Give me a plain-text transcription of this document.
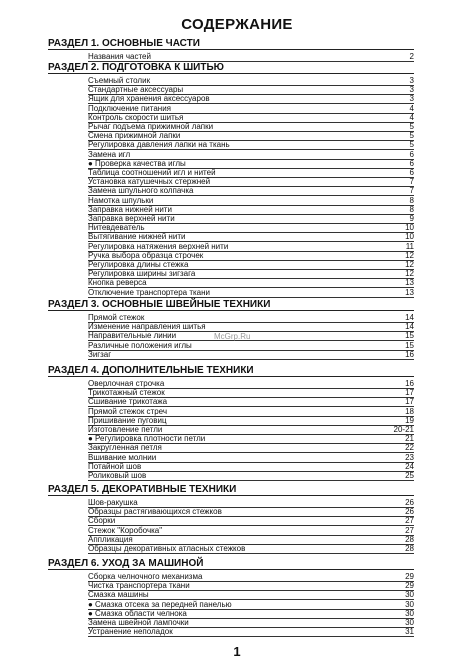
СОДЕРЖАНИЕ
РАЗДЕЛ 1. ОСНОВНЫЕ ЧАСТИ
Названия частей	2
РАЗДЕЛ 2. ПОДГОТОВКА К ШИТЬЮ
Съемный столик	3
Стандартные аксессуары	3
Ящик для хранения аксессуаров	3
Подключение питания	4
Контроль скорости шитья	4
Рычаг подъема прижимной лапки	5
Смена прижимной лапки	5
Регулировка давления лапки на ткань	5
Замена игл	6
● Проверка качества иглы	6
Таблица соотношений игл и нитей	6
Установка катушечных стержней	7
Замена шпульного колпачка	7
Намотка шпульки	8
Заправка нижней нити	8
Заправка верхней нити	9
Нитевдеватель	10
Вытягивание нижней нити	10
Регулировка натяжения верхней нити	11
Ручка выбора образца строчек	12
Регулировка длины стежка	12
Регулировка ширины зигзага	12
Кнопка реверса	13
Отключение транспортера ткани	13
РАЗДЕЛ 3. ОСНОВНЫЕ ШВЕЙНЫЕ ТЕХНИКИ
Прямой стежок	14
Изменение направления шитья	14
Направительные линии	15
Различные положения иглы	15
Зигзаг	16
РАЗДЕЛ 4. ДОПОЛНИТЕЛЬНЫЕ ТЕХНИКИ
Оверлочная строчка	16
Трикотажный стежок	17
Сшивание трикотажа	17
Прямой стежок стреч	18
Пришивание пуговиц	19
Изготовление петли	20-21
● Регулировка плотности петли	21
Закругленная петля	22
Вшивание молнии	23
Потайной шов	24
Роликовый шов	25
РАЗДЕЛ 5. ДЕКОРАТИВНЫЕ ТЕХНИКИ
Шов-ракушка	26
Образцы растягивающихся стежков	26
Сборки	27
Стежок "Коробочка"	27
Аппликация	28
Образцы декоративных атласных стежков	28
РАЗДЕЛ 6. УХОД ЗА МАШИНОЙ
Сборка челночного механизма	29
Чистка транспортера ткани	29
Смазка машины	30
● Смазка отсека за передней панелью	30
● Смазка области челнока	30
Замена швейной лампочки	30
Устранение неполадок	31
McGrp.Ru
1
